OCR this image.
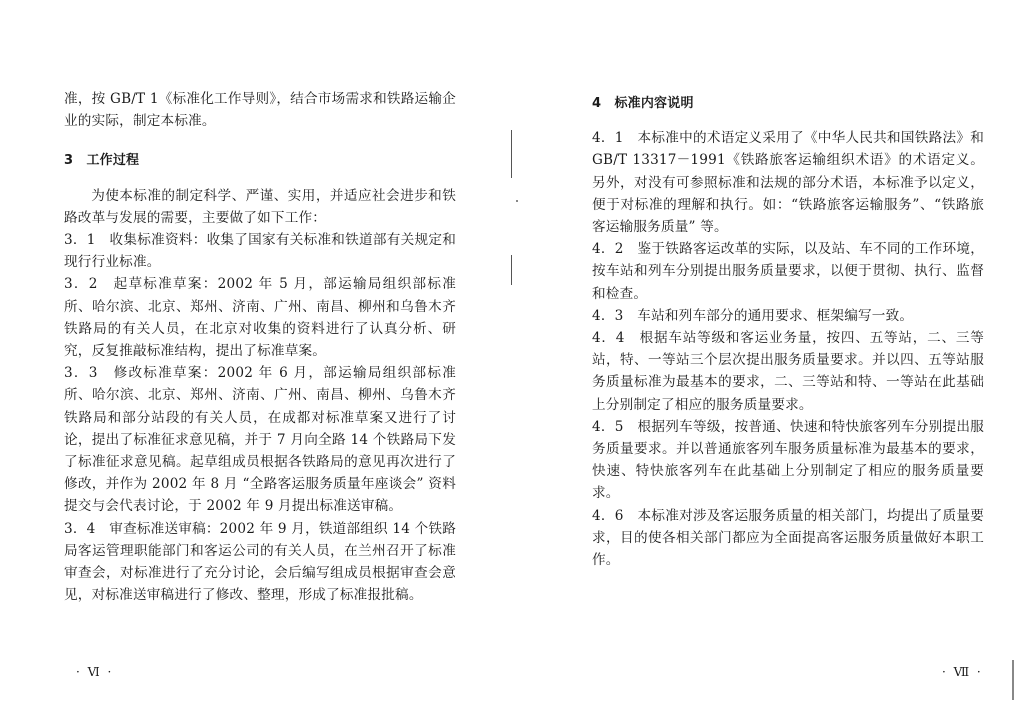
准，按 GB/T 1《标准化工作导则》，结合市场需求和铁路运输企业的实际，制定本标准。

3　工作过程

为使本标准的制定科学、严谨、实用，并适应社会进步和铁路改革与发展的需要，主要做了如下工作：

3．1　收集标准资料：收集了国家有关标准和铁道部有关规定和现行行业标准。

3．2　起草标准草案：2002 年 5 月，部运输局组织部标准所、哈尔滨、北京、郑州、济南、广州、南昌、柳州和乌鲁木齐铁路局的有关人员，在北京对收集的资料进行了认真分析、研究，反复推敲标准结构，提出了标准草案。

3．3　修改标准草案：2002 年 6 月，部运输局组织部标准所、哈尔滨、北京、郑州、济南、广州、南昌、柳州、乌鲁木齐铁路局和部分站段的有关人员，在成都对标准草案又进行了讨论，提出了标准征求意见稿，并于 7 月向全路 14 个铁路局下发了标准征求意见稿。起草组成员根据各铁路局的意见再次进行了修改，并作为 2002 年 8 月 “全路客运服务质量年座谈会” 资料提交与会代表讨论，于 2002 年 9 月提出标准送审稿。

3．4　审查标准送审稿：2002 年 9 月，铁道部组织 14 个铁路局客运管理职能部门和客运公司的有关人员，在兰州召开了标准审查会，对标准进行了充分讨论，会后编写组成员根据审查会意见，对标准送审稿进行了修改、整理，形成了标准报批稿。

· Ⅵ ·

4　标准内容说明

4．1　本标准中的术语定义采用了《中华人民共和国铁路法》和 GB/T 13317－1991《铁路旅客运输组织术语》的术语定义。另外，对没有可参照标准和法规的部分术语，本标准予以定义，便于对标准的理解和执行。如：“铁路旅客运输服务”、“铁路旅客运输服务质量” 等。

4．2　鉴于铁路客运改革的实际，以及站、车不同的工作环境，按车站和列车分别提出服务质量要求，以便于贯彻、执行、监督和检查。

4．3　车站和列车部分的通用要求、框架编写一致。

4．4　根据车站等级和客运业务量，按四、五等站，二、三等站，特、一等站三个层次提出服务质量要求。并以四、五等站服务质量标准为最基本的要求，二、三等站和特、一等站在此基础上分别制定了相应的服务质量要求。

4．5　根据列车等级，按普通、快速和特快旅客列车分别提出服务质量要求。并以普通旅客列车服务质量标准为最基本的要求，快速、特快旅客列车在此基础上分别制定了相应的服务质量要求。

4．6　本标准对涉及客运服务质量的相关部门，均提出了质量要求，目的使各相关部门都应为全面提高客运服务质量做好本职工作。

· Ⅶ ·
